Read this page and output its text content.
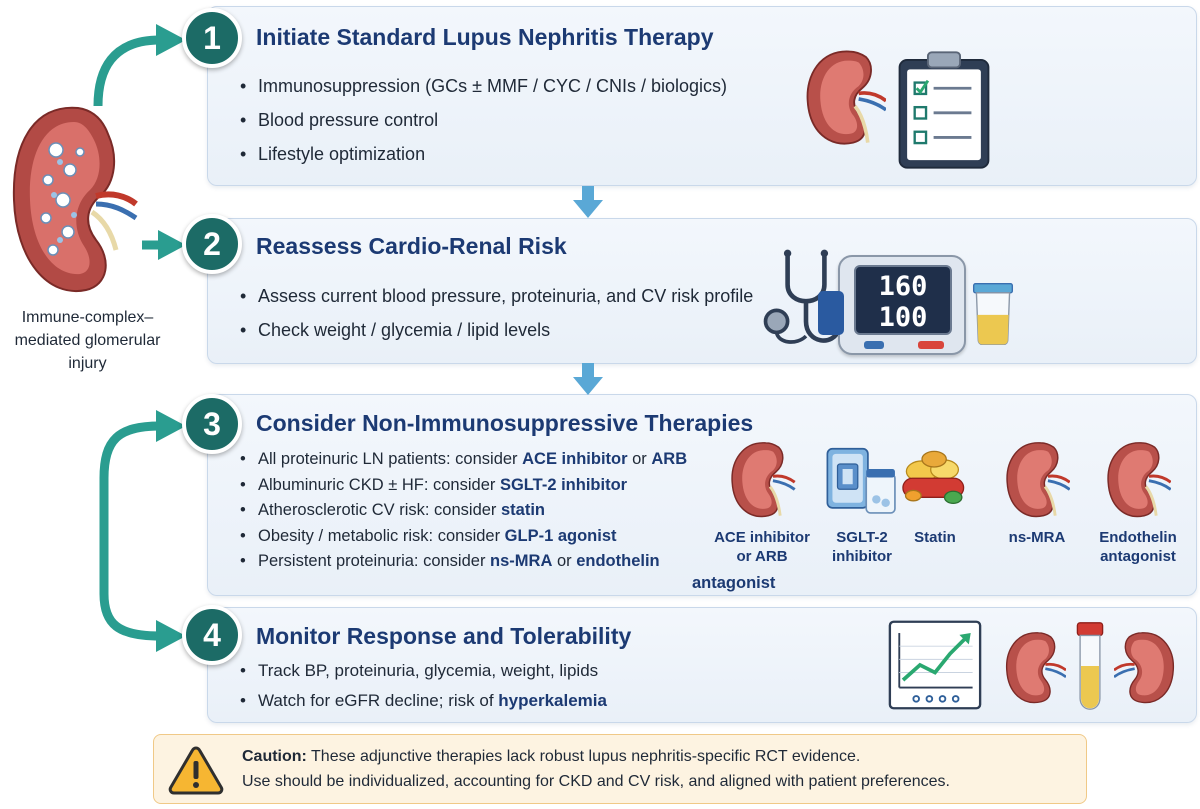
Immune-complex–
mediated glomerular
injury
Initiate Standard Lupus Nephritis Therapy
• Immunosuppression (GCs ± MMF / CYC / CNIs / biologics)
• Blood pressure control
• Lifestyle optimization
Reassess Cardio-Renal Risk
• Assess current blood pressure, proteinuria, and CV risk profile
• Check weight / glycemia / lipid levels
160
100
Consider Non-Immunosuppressive Therapies
• All proteinuric LN patients: consider ACE inhibitor or ARB
• Albuminuric CKD ± HF: consider SGLT-2 inhibitor
• Atherosclerotic CV risk: consider statin
• Obesity / metabolic risk: consider GLP-1 agonist
• Persistent proteinuria: consider ns-MRA or endothelin
antagonist
ACE inhibitor
or ARB
SGLT-2
inhibitor
Statin	ns-MRA	Endothelin
antagonist
Monitor Response and Tolerability
• Track BP, proteinuria, glycemia, weight, lipids
• Watch for eGFR decline; risk of hyperkalemia
1
2
3
4
Caution: These adjunctive therapies lack robust lupus nephritis-specific RCT evidence.
Use should be individualized, accounting for CKD and CV risk, and aligned with patient preferences.
